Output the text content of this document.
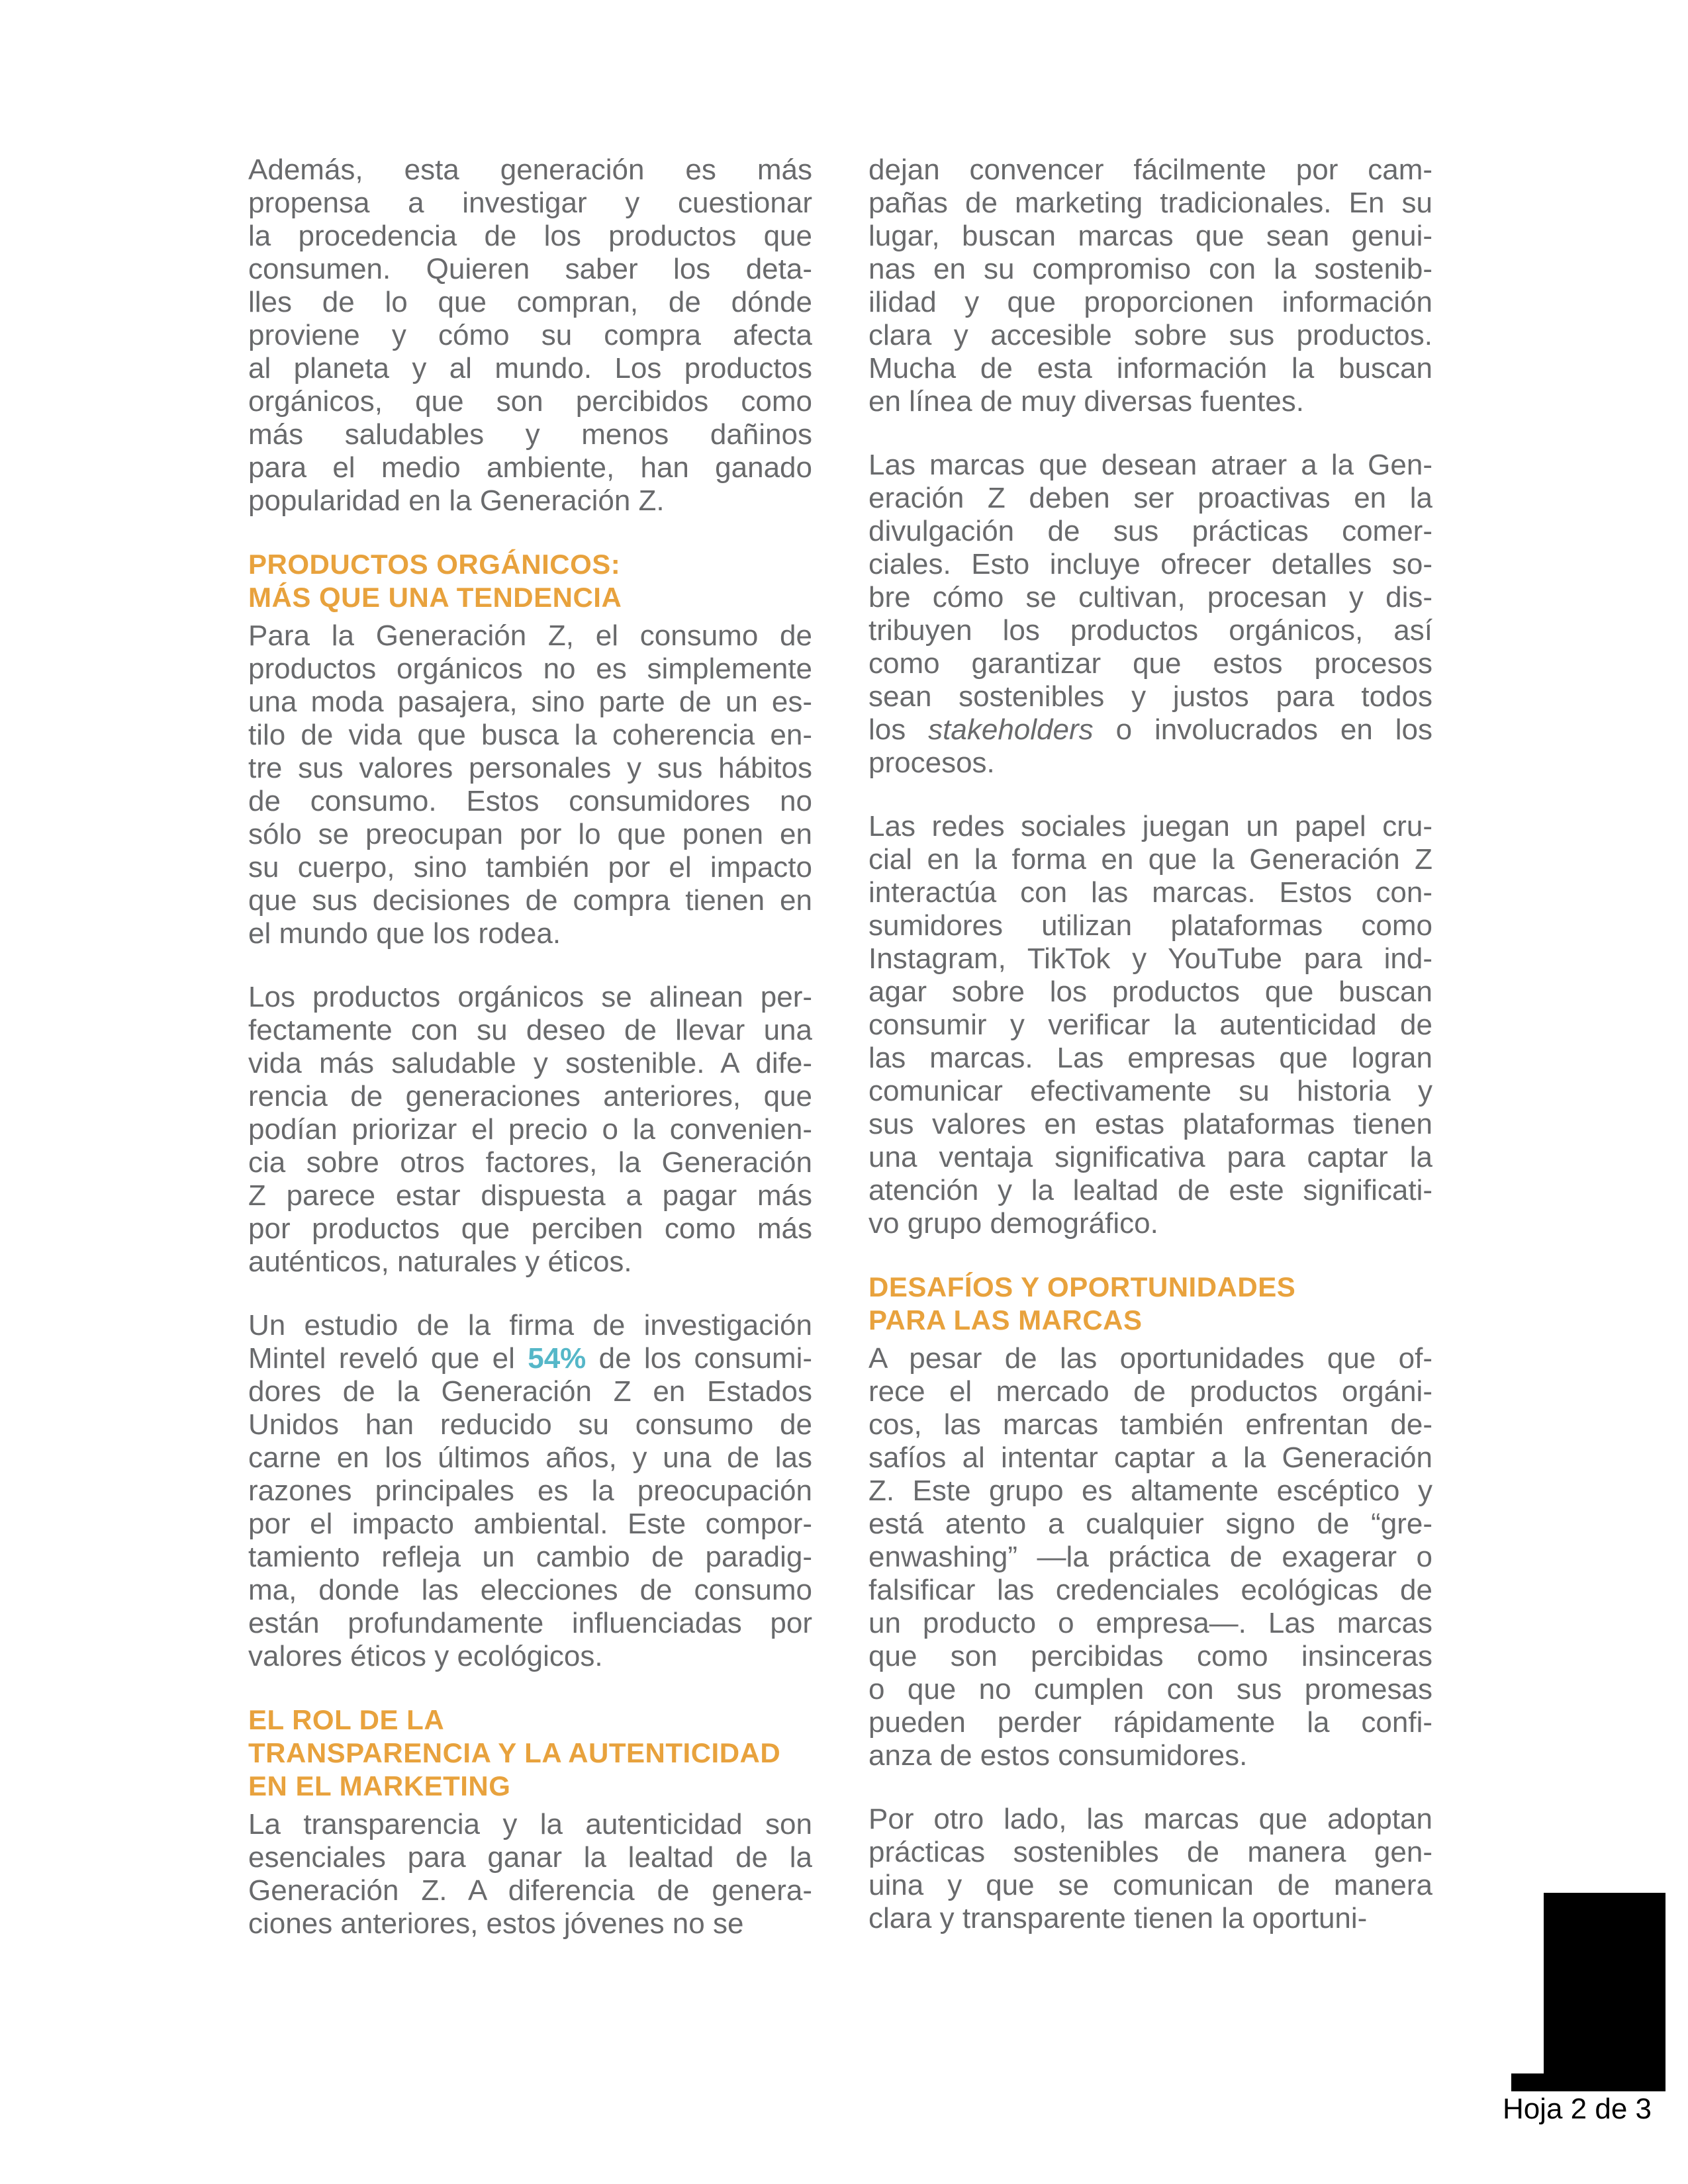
Además, esta generación es más
propensa a investigar y cuestionar
la procedencia de los productos que
consumen. Quieren saber los deta-
lles de lo que compran, de dónde
proviene y cómo su compra afecta
al planeta y al mundo. Los productos
orgánicos, que son percibidos como
más saludables y menos dañinos
para el medio ambiente, han ganado
popularidad en la Generación Z.
PRODUCTOS ORGÁNICOS:
MÁS QUE UNA TENDENCIA
Para la Generación Z, el consumo de
productos orgánicos no es simplemente
una moda pasajera, sino parte de un es-
tilo de vida que busca la coherencia en-
tre sus valores personales y sus hábitos
de consumo. Estos consumidores no
sólo se preocupan por lo que ponen en
su cuerpo, sino también por el impacto
que sus decisiones de compra tienen en
el mundo que los rodea.
Los productos orgánicos se alinean per-
fectamente con su deseo de llevar una
vida más saludable y sostenible. A dife-
rencia de generaciones anteriores, que
podían priorizar el precio o la convenien-
cia sobre otros factores, la Generación
Z parece estar dispuesta a pagar más
por productos que perciben como más
auténticos, naturales y éticos.
Un estudio de la firma de investigación
Mintel reveló que el 54% de los consumi-
dores de la Generación Z en Estados
Unidos han reducido su consumo de
carne en los últimos años, y una de las
razones principales es la preocupación
por el impacto ambiental. Este compor-
tamiento refleja un cambio de paradig-
ma, donde las elecciones de consumo
están profundamente influenciadas por
valores éticos y ecológicos.
EL ROL DE LA
TRANSPARENCIA Y LA AUTENTICIDAD
EN EL MARKETING
La transparencia y la autenticidad son
esenciales para ganar la lealtad de la
Generación Z. A diferencia de genera-
ciones anteriores, estos jóvenes no se
dejan convencer fácilmente por cam-
pañas de marketing tradicionales. En su
lugar, buscan marcas que sean genui-
nas en su compromiso con la sostenib-
ilidad y que proporcionen información
clara y accesible sobre sus productos.
Mucha de esta información la buscan
en línea de muy diversas fuentes.
Las marcas que desean atraer a la Gen-
eración Z deben ser proactivas en la
divulgación de sus prácticas comer-
ciales. Esto incluye ofrecer detalles so-
bre cómo se cultivan, procesan y dis-
tribuyen los productos orgánicos, así
como garantizar que estos procesos
sean sostenibles y justos para todos
los stakeholders o involucrados en los
procesos.
Las redes sociales juegan un papel cru-
cial en la forma en que la Generación Z
interactúa con las marcas. Estos con-
sumidores utilizan plataformas como
Instagram, TikTok y YouTube para ind-
agar sobre los productos que buscan
consumir y verificar la autenticidad de
las marcas. Las empresas que logran
comunicar efectivamente su historia y
sus valores en estas plataformas tienen
una ventaja significativa para captar la
atención y la lealtad de este significati-
vo grupo demográfico.
DESAFÍOS Y OPORTUNIDADES
PARA LAS MARCAS
A pesar de las oportunidades que of-
rece el mercado de productos orgáni-
cos, las marcas también enfrentan de-
safíos al intentar captar a la Generación
Z. Este grupo es altamente escéptico y
está atento a cualquier signo de “gre-
enwashing” —la práctica de exagerar o
falsificar las credenciales ecológicas de
un producto o empresa—. Las marcas
que son percibidas como insinceras
o que no cumplen con sus promesas
pueden perder rápidamente la confi-
anza de estos consumidores.
Por otro lado, las marcas que adoptan
prácticas sostenibles de manera gen-
uina y que se comunican de manera
clara y transparente tienen la oportuni-
Hoja 2 de 3
